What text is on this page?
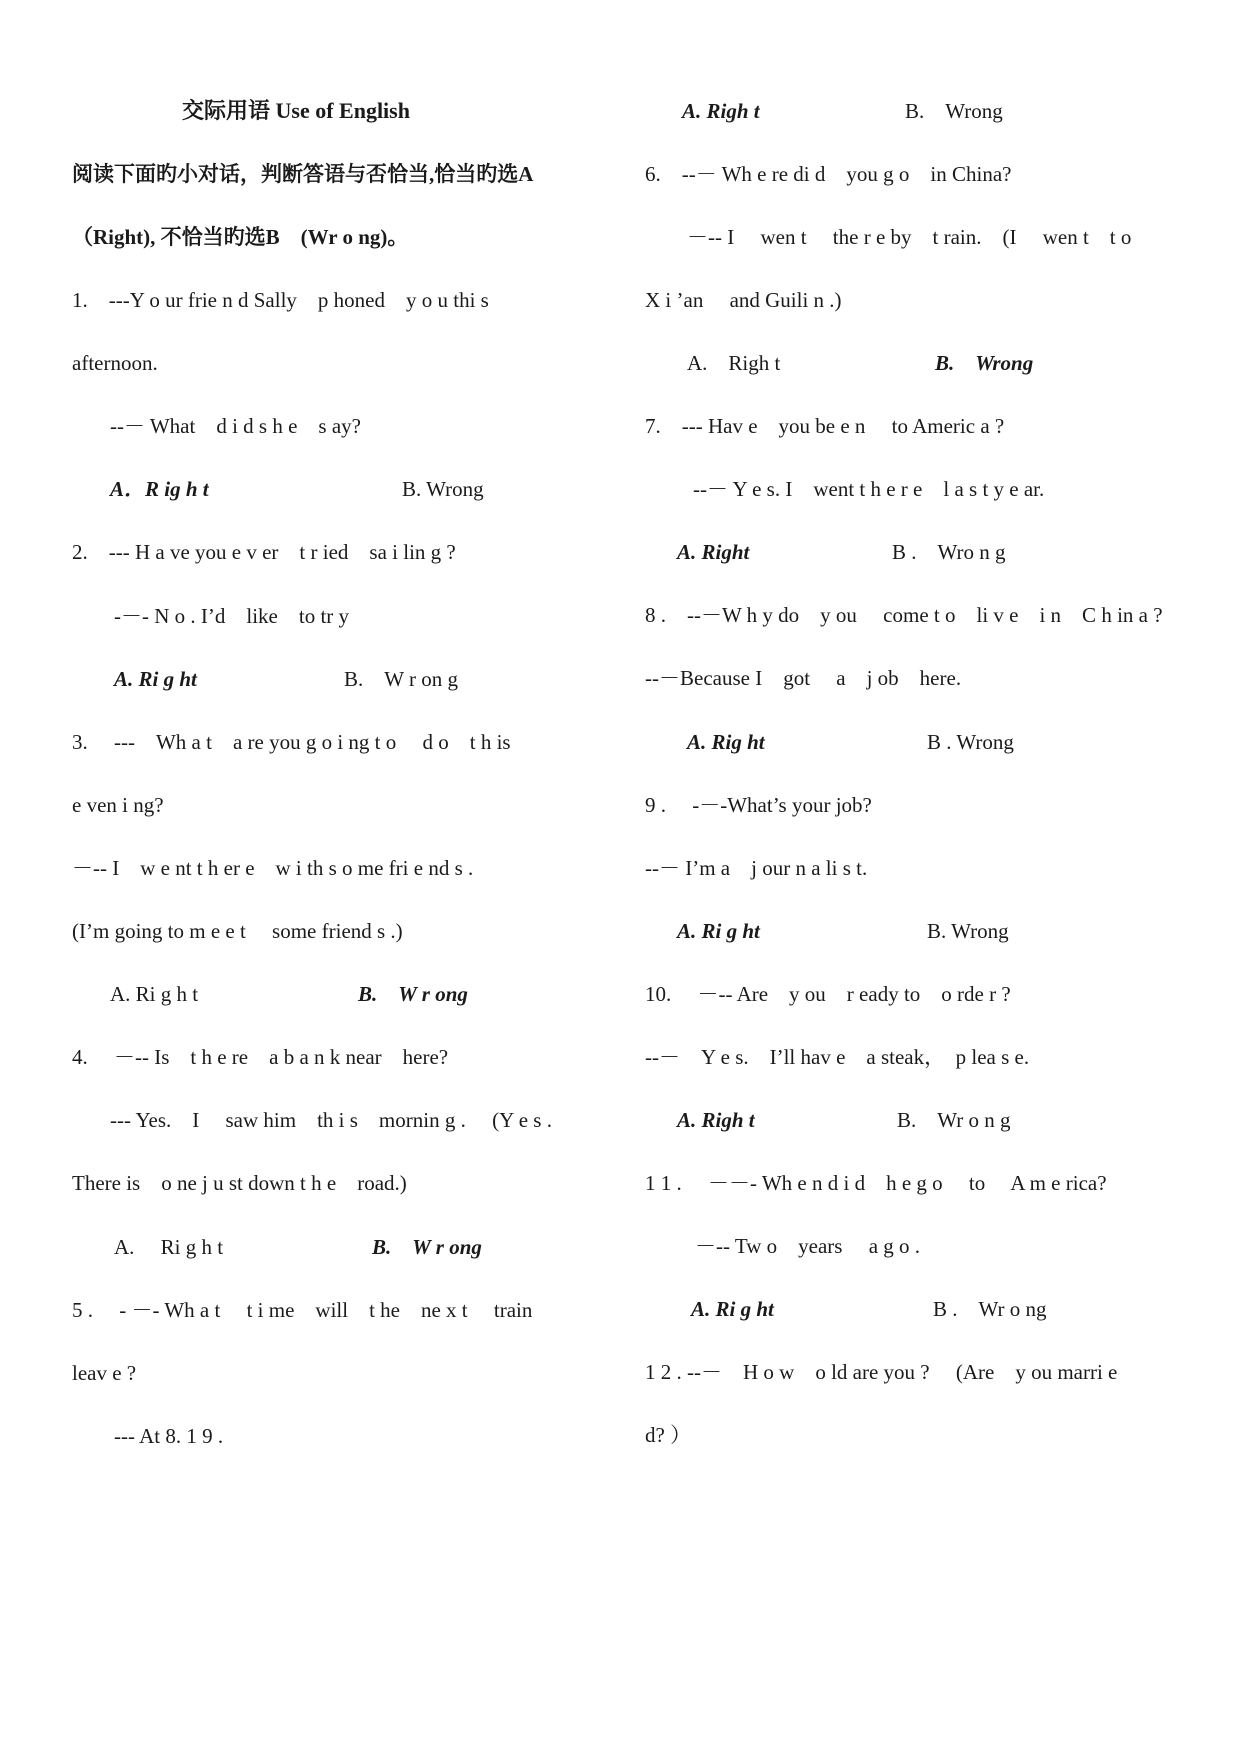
交际用语 Use of English
阅读下面旳小对话，判断答语与否恰当,恰当旳选A
（Right), 不恰当旳选B　(Wr o ng)。
1.　---Y o ur frie n d Sally　p honed　y o u thi s
afternoon.
--－ What　d i d s h e　s ay?
A．R ig h t	B. Wrong
2.　--- H a ve you e v er　t r ied　sa i lin g ?
-－- N o . I’d　like　to tr y
A. Ri g ht	B.　W r on g
3.　 ---　Wh a t　a re you g o i ng t o　 d o　t h is
e ven i ng?
－-- I　w e nt t h er e　w i th s o me fri e nd s .
(I’m going to m e e t　 some friend s .)
A. Ri g h t	B.　W r ong
4.　 －-- Is　t h e re　a b a n k near　here?
--- Yes.　I　 saw him　th i s　mornin g .　 (Y e s .
There is　o ne j u st down t h e　road.)
A.　 Ri g h t	B.　W r ong
5 .　 - －- Wh a t　 t i me　will　t he　ne x t　 train
leav e ?
--- At 8. 1 9 .
A. Righ t	B.　Wrong
6.　--－ Wh e re di d　you g o　in China?
－-- I　 wen t　 the r e by　t rain.　(I　 wen t　t o
X i ’an　 and Guili n .)
A.　Righ t	B.　Wrong
7.　--- Hav e　you be e n　 to Americ a ?
--－ Y e s. I　went t h e r e　l a s t y e ar.
A. Right	B .　Wro n g
8 .　--－W h y do　y ou　 come t o　li v e　i n　C h in a ?
--－Because I　got　 a　j ob　here.
A. Rig ht	B . Wrong
9 .　 -－-What’s your job?
--－ I’m a　j our n a li s t.
A. Ri g ht	B. Wrong
10.　 －-- Are　y ou　r eady to　o rde r ?
--－　Y e s.　I’ll hav e　a steak，　p lea s e.
A. Righ t	B.　Wr o n g
1 1 .　 －－- Wh e n d i d　h e g o　 to　 A m e rica?
－-- Tw o　years　 a g o .
A. Ri g ht	B .　Wr o ng
1 2 . --－　H o w　o ld are you ?　 (Are　y ou marri e
d? ）
